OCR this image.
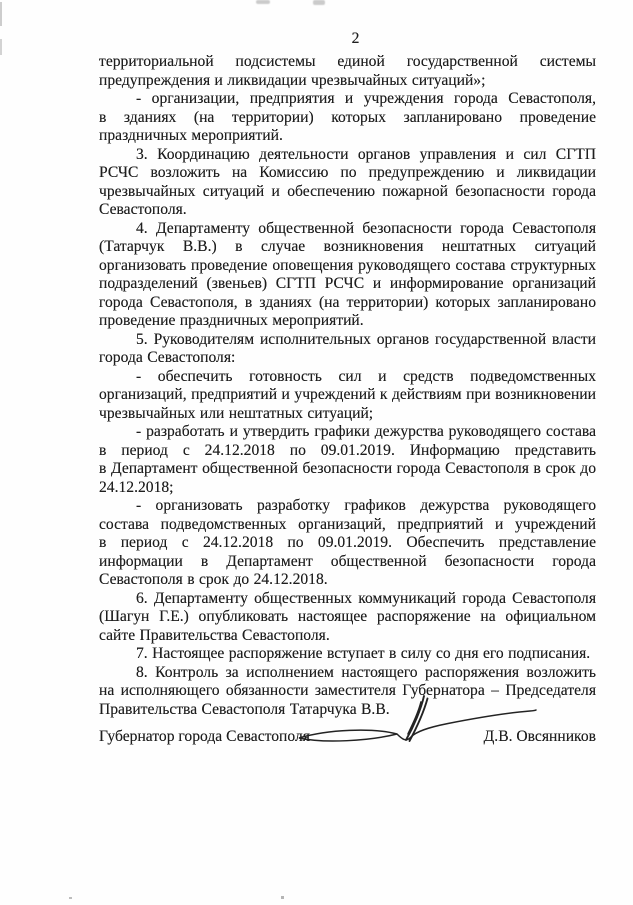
2

территориальной подсистемы единой государственной системы предупреждения и ликвидации чрезвычайных ситуаций»;

- организации, предприятия и учреждения города Севастополя, в зданиях (на территории) которых запланировано проведение праздничных мероприятий.

3. Координацию деятельности органов управления и сил СГТП РСЧС возложить на Комиссию по предупреждению и ликвидации чрезвычайных ситуаций и обеспечению пожарной безопасности города Севастополя.

4. Департаменту общественной безопасности города Севастополя (Татарчук В.В.) в случае возникновения нештатных ситуаций организовать проведение оповещения руководящего состава структурных подразделений (звеньев) СГТП РСЧС и информирование организаций города Севастополя, в зданиях (на территории) которых запланировано проведение праздничных мероприятий.

5. Руководителям исполнительных органов государственной власти города Севастополя:

- обеспечить готовность сил и средств подведомственных организаций, предприятий и учреждений к действиям при возникновении чрезвычайных или нештатных ситуаций;

- разработать и утвердить графики дежурства руководящего состава в период с 24.12.2018 по 09.01.2019. Информацию представить в Департамент общественной безопасности города Севастополя в срок до 24.12.2018;

- организовать разработку графиков дежурства руководящего состава подведомственных организаций, предприятий и учреждений в период с 24.12.2018 по 09.01.2019. Обеспечить представление информации в Департамент общественной безопасности города Севастополя в срок до 24.12.2018.

6. Департаменту общественных коммуникаций города Севастополя (Шагун Г.Е.) опубликовать настоящее распоряжение на официальном сайте Правительства Севастополя.

7. Настоящее распоряжение вступает в силу со дня его подписания.

8. Контроль за исполнением настоящего распоряжения возложить на исполняющего обязанности заместителя Губернатора – Председателя Правительства Севастополя Татарчука В.В.

Губернатор города Севастополя	Д.В. Овсянников
